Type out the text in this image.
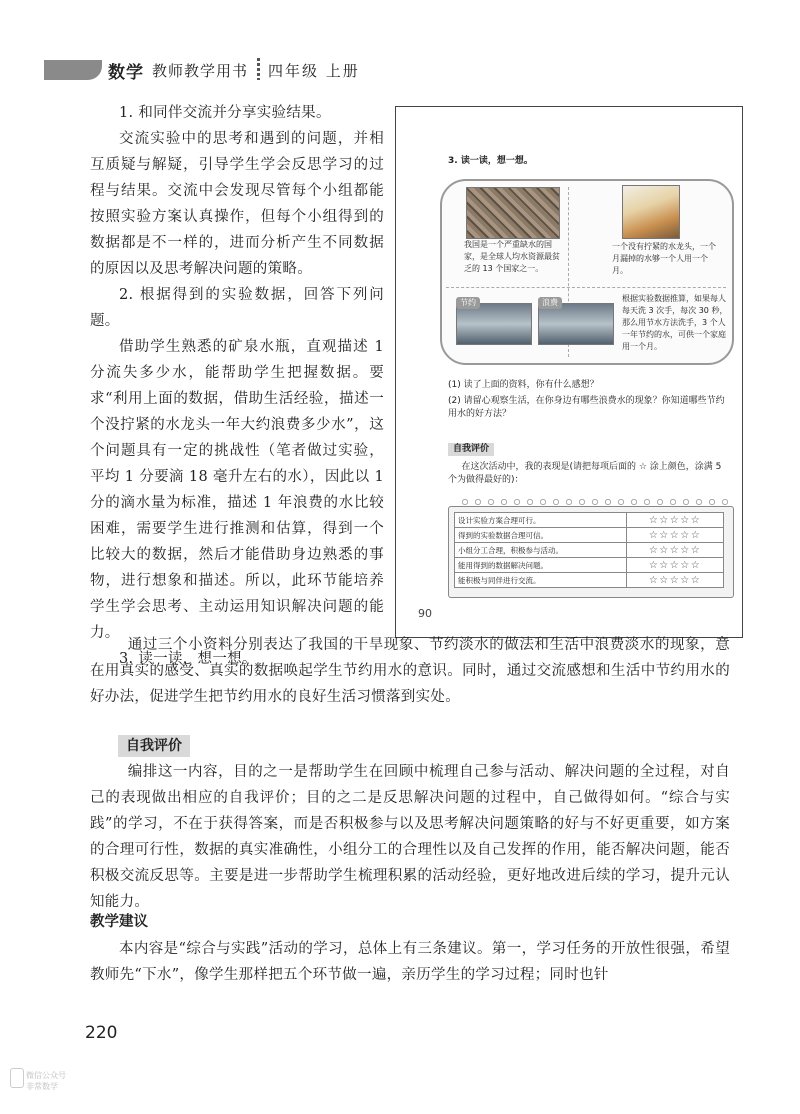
数学 教师教学用书 四年级 上册

1. 和同伴交流并分享实验结果。

交流实验中的思考和遇到的问题，并相互质疑与解疑，引导学生学会反思学习的过程与结果。交流中会发现尽管每个小组都能按照实验方案认真操作，但每个小组得到的数据都是不一样的，进而分析产生不同数据的原因以及思考解决问题的策略。

2. 根据得到的实验数据，回答下列问题。

借助学生熟悉的矿泉水瓶，直观描述 1 分流失多少水，能帮助学生把握数据。要求“利用上面的数据，借助生活经验，描述一个没拧紧的水龙头一年大约浪费多少水”，这个问题具有一定的挑战性（笔者做过实验，平均 1 分要滴 18 毫升左右的水），因此以 1 分的滴水量为标准，描述 1 年浪费的水比较困难，需要学生进行推测和估算，得到一个比较大的数据，然后才能借助身边熟悉的事物，进行想象和描述。所以，此环节能培养学生学会思考、主动运用知识解决问题的能力。

3. 读一读，想一想。

3. 读一读，想一想。
我国是一个严重缺水的国家，是全球人均水资源最贫乏的 13 个国家之一。
一个没有拧紧的水龙头，一个月漏掉的水够一个人用一个月。
节约	浪费	根据实验数据推算，如果每人每天洗 3 次手，每次 30 秒，那么用节水方法洗手，3 个人一年节约的水，可供一个家庭用一个月。
(1) 读了上面的资料，你有什么感想？
(2) 请留心观察生活，在你身边有哪些浪费水的现象？你知道哪些节约用水的好方法？
自我评价
在这次活动中，我的表现是(请把每项后面的 ☆ 涂上颜色，涂满 5 个为做得最好的)：
设计实验方案合理可行。	☆☆☆☆☆
得到的实验数据合理可信。	☆☆☆☆☆
小组分工合理，积极参与活动。	☆☆☆☆☆
能用得到的数据解决问题。	☆☆☆☆☆
能积极与同伴进行交流。	☆☆☆☆☆
90

通过三个小资料分别表达了我国的干旱现象、节约淡水的做法和生活中浪费淡水的现象，意在用真实的感受、真实的数据唤起学生节约用水的意识。同时，通过交流感想和生活中节约用水的好办法，促进学生把节约用水的良好生活习惯落到实处。

自我评价

编排这一内容，目的之一是帮助学生在回顾中梳理自己参与活动、解决问题的全过程，对自己的表现做出相应的自我评价；目的之二是反思解决问题的过程中，自己做得如何。“综合与实践”的学习，不在于获得答案，而是否积极参与以及思考解决问题策略的好与不好更重要，如方案的合理可行性，数据的真实准确性，小组分工的合理性以及自己发挥的作用，能否解决问题，能否积极交流反思等。主要是进一步帮助学生梳理积累的活动经验，更好地改进后续的学习，提升元认知能力。

教学建议

本内容是“综合与实践”活动的学习，总体上有三条建议。第一，学习任务的开放性很强，希望教师先“下水”，像学生那样把五个环节做一遍，亲历学生的学习过程；同时也针

220
微信公众号
非常数学
